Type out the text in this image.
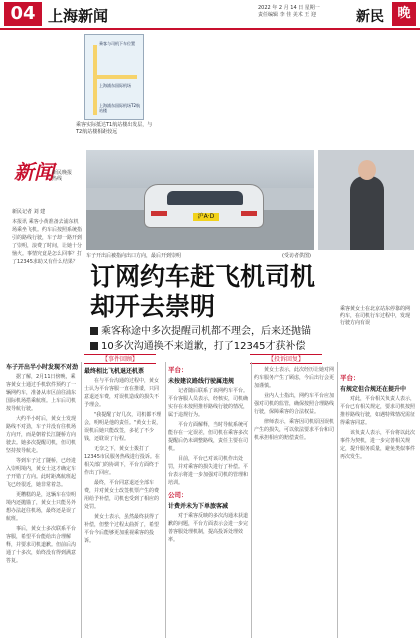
04 上海新闻	2022 年 2 月 14 日 星期一
责任编辑 李 佳 美术 王 迎	新民	晚
乘客与司机下车位置
上海浦东国际机场
上海浦东国际机场T2航站楼
乘客实际抵达T1航站楼出发层，与T2航站楼相距较远
新闻
新民晚报
热线
新民记者 刘 建
本报讯 乘客小黄准备去浦东机场乘坐飞机。约车后按照系统指引的路线行驶，车子却一路开到了崇明，浪费了时间，让她十分恼火。事情究竟是怎么回事？打了12345求助又有什么结果？
沪A·D
车子开出后被指向出口方向，最后开到崇明	(受访者供图)
乘客黄女士在北京站东停靠的网约车，在司机行车过程中，发现行驶方向有误
订网约车赶飞机司机却开去崇明
乘客称途中多次提醒司机都不理会，后来还抛锚
10多次沟通换不来道歉，打了12345才获补偿
【事件回顾】	【投诉回复】
车子开出半小时发现不对劲

据了解，2月11日傍晚，乘客黄女士通过手机软件预约了一辆网约车，准备从市区前往浦东国际机场搭乘航班。上车后司机按导航行驶。

大约半小时后，黄女士发现路线不对劲，车子并没有往机场方向开，而是朝着长江隧桥方向驶去。她多次提醒司机，但司机坚持按导航走。

等到车子过了隧桥，已经进入崇明境内，黄女士这才确定车子开错了方向。此时距离航班起飞已经很近，她非常着急。

更糟糕的是，这辆车在崇明境内还抛锚了，黄女士只能另外想办法赶往机场，最终还是误了航班。

事后，黄女士多次联系平台客服，希望平台能给出合理解释，并要求司机道歉。但前后沟通了十多次，始终没有得到满意答复。

最终相比飞机退还机票

在与平台沟通的过程中，黄女士认为平台客服一直在推诿，只同意退还车费，对误机造成的损失不予理会。

"我提醒了好几次，司机都不理会，明明是他的责任。"黄女士说，误机后她只能改签，多花了不少钱，还耽误了行程。

无奈之下，黄女士拨打了12345市民服务热线进行投诉。在相关部门的协调下，平台方面终于作出了回应。

最终，平台同意退还全部车费，并对黄女士改签机票产生的费用给予补偿，司机也受到了相应的处罚。

黄女士表示，虽然最终获得了补偿，但整个过程太曲折了，希望平台今后能够更加重视乘客的投诉。

平台：
未按建议路线行驶属违规

记者随后联系了该网约车平台。平台客服人员表示，经核实，司机确实存在未按照推荐路线行驶的情况，属于违规行为。

平台方面解释，当时导航系统可能存在一定误差，但司机在乘客多次提醒后仍未调整路线，责任主要在司机。

目前，平台已对该司机作出处罚，并对乘客的损失进行了补偿。平台表示将进一步加强对司机的管理和培训。

公司：
计费并未为下单旅客减

对于乘客反映的多次沟通未获道歉的问题，平台方面表示会进一步完善客服处理机制，提高投诉处理效率。

黄女士表示，此次经历让她对网约车服务产生了顾虑，今后出行会更加谨慎。

业内人士指出，网约车平台应加强对司机的监管，确保按照合理路线行驶，保障乘客的合法权益。

律师表示，乘客因司机原因误机产生的损失，可以依法要求平台和司机承担相应的赔偿责任。

平台：
有规定但合规还在提升中

对此，平台相关负责人表示，平台已有相关规定，要求司机按照推荐路线行驶，如遇特殊情况需征得乘客同意。

该负责人表示，平台将以此次事件为契机，进一步完善相关规定，提升服务质量，避免类似事件再次发生。
